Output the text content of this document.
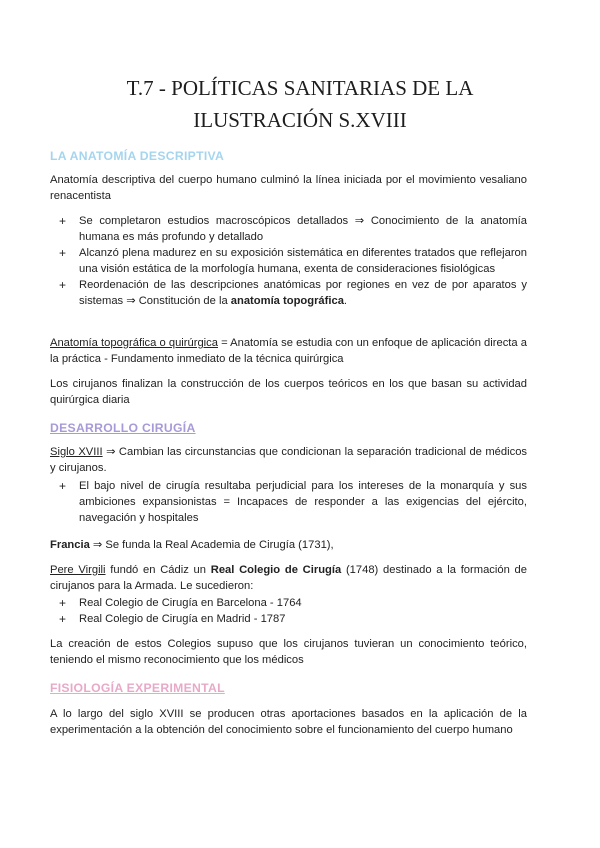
T.7 - POLÍTICAS SANITARIAS DE LA
ILUSTRACIÓN S.XVIII
LA ANATOMÍA DESCRIPTIVA
Anatomía descriptiva del cuerpo humano culminó la línea iniciada por el movimiento vesaliano renacentista
+ Se completaron estudios macroscópicos detallados ⇒ Conocimiento de la anatomía humana es más profundo y detallado
+ Alcanzó plena madurez en su exposición sistemática en diferentes tratados que reflejaron una visión estática de la morfología humana, exenta de consideraciones fisiológicas
+ Reordenación de las descripciones anatómicas por regiones en vez de por aparatos y sistemas ⇒ Constitución de la anatomía topográfica.
Anatomía topográfica o quirúrgica = Anatomía se estudia con un enfoque de aplicación directa a la práctica - Fundamento inmediato de la técnica quirúrgica
Los cirujanos finalizan la construcción de los cuerpos teóricos en los que basan su actividad quirúrgica diaria
DESARROLLO CIRUGÍA
Siglo XVIII ⇒ Cambian las circunstancias que condicionan la separación tradicional de médicos y cirujanos.
+ El bajo nivel de cirugía resultaba perjudicial para los intereses de la monarquía y sus ambiciones expansionistas = Incapaces de responder a las exigencias del ejército, navegación y hospitales
Francia ⇒ Se funda la Real Academia de Cirugía (1731),
Pere Virgili fundó en Cádiz un Real Colegio de Cirugía (1748) destinado a la formación de cirujanos para la Armada. Le sucedieron:
+ Real Colegio de Cirugía en Barcelona - 1764
+ Real Colegio de Cirugía en Madrid - 1787
La creación de estos Colegios supuso que los cirujanos tuvieran un conocimiento teórico, teniendo el mismo reconocimiento que los médicos
FISIOLOGÍA EXPERIMENTAL
A lo largo del siglo XVIII se producen otras aportaciones basados en la aplicación de la experimentación a la obtención del conocimiento sobre el funcionamiento del cuerpo humano
